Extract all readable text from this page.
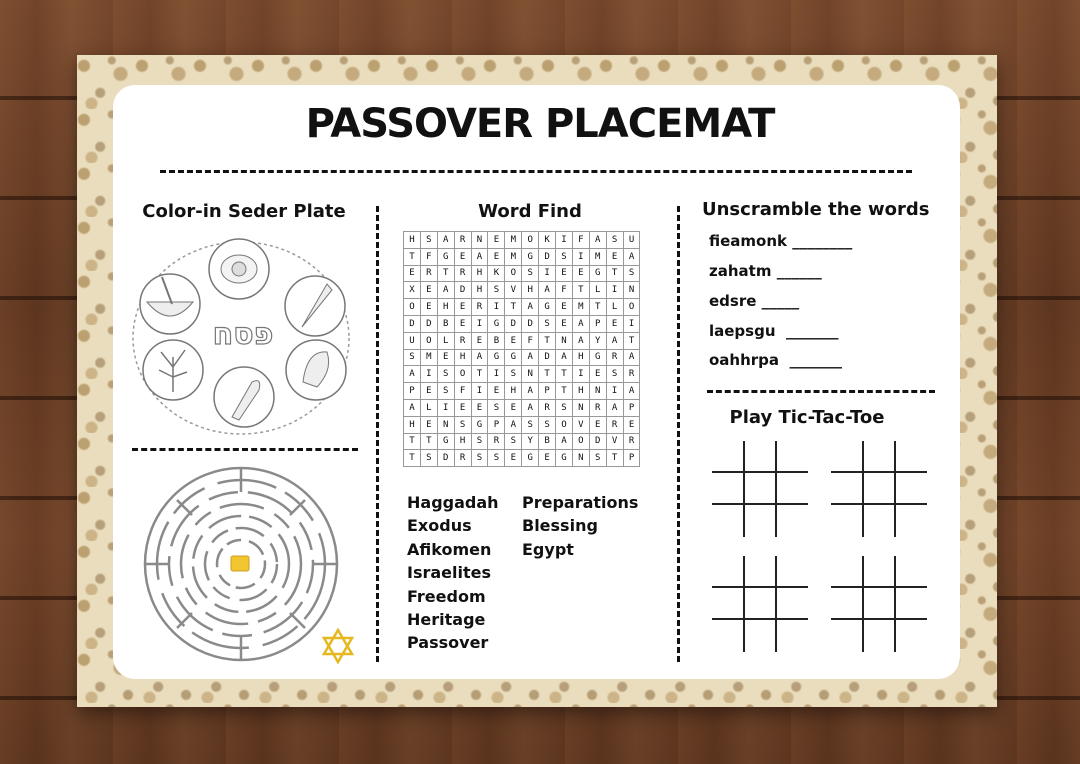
PASSOVER PLACEMAT
Color-in Seder Plate
פסח
Word Find
H	S	A	R	N	E	M	O	K	I	F	A	S	U
T	F	G	E	A	E	M	G	D	S	I	M	E	A
E	R	T	R	H	K	O	S	I	E	E	G	T	S
X	E	A	D	H	S	V	H	A	F	T	L	I	N
O	E	H	E	R	I	T	A	G	E	M	T	L	O
D	D	B	E	I	G	D	D	S	E	A	P	E	I
U	O	L	R	E	B	E	F	T	N	A	Y	A	T
S	M	E	H	A	G	G	A	D	A	H	G	R	A
A	I	S	O	T	I	S	N	T	T	I	E	S	R
P	E	S	F	I	E	H	A	P	T	H	N	I	A
A	L	I	E	E	S	E	A	R	S	N	R	A	P
H	E	N	S	G	P	A	S	S	O	V	E	R	E
T	T	G	H	S	R	S	Y	B	A	O	D	V	R
T	S	D	R	S	S	E	G	E	G	N	S	T	P
Haggadah
Exodus
Afikomen
Israelites
Freedom
Heritage
Passover
Preparations
Blessing
Egypt
Unscramble the words
fieamonk ________
zahatm ______
edsre _____
laepsgu _______
oahhrpa _______
Play Tic-Tac-Toe
